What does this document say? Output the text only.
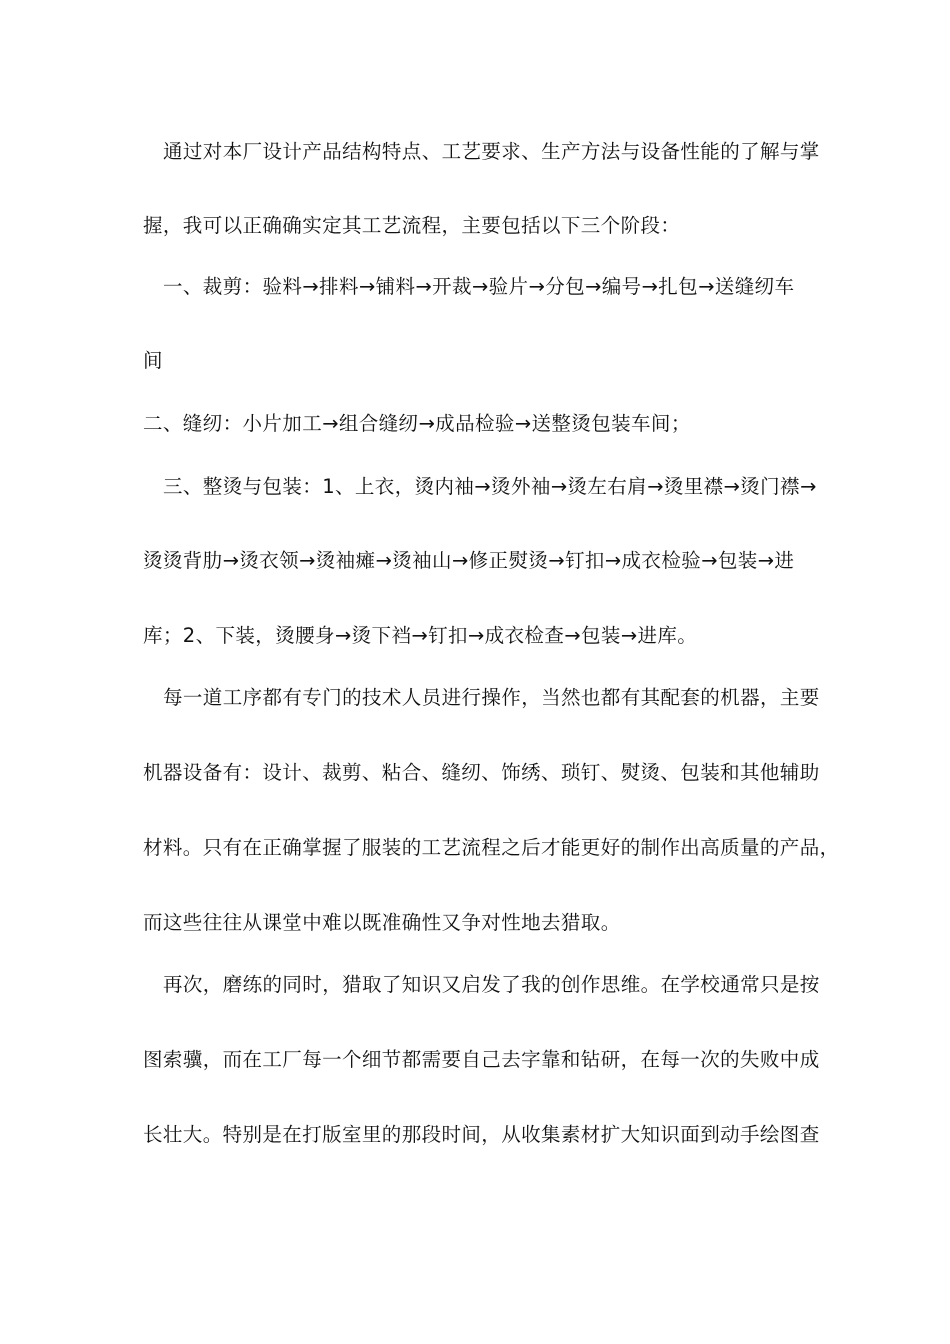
通过对本厂设计产品结构特点、工艺要求、生产方法与设备性能的了解与掌
握，我可以正确确实定其工艺流程，主要包括以下三个阶段：
一、裁剪：验料→排料→铺料→开裁→验片→分包→编号→扎包→送缝纫车
间
二、缝纫：小片加工→组合缝纫→成品检验→送整烫包装车间；
三、整烫与包装：1、上衣，烫内袖→烫外袖→烫左右肩→烫里襟→烫门襟→
烫烫背肋→烫衣领→烫袖瘫→烫袖山→修正熨烫→钉扣→成衣检验→包装→进
库；2、下装，烫腰身→烫下裆→钉扣→成衣检查→包装→进库。
每一道工序都有专门的技术人员进行操作，当然也都有其配套的机器，主要
机器设备有：设计、裁剪、粘合、缝纫、饰绣、琐钉、熨烫、包装和其他辅助
材料。只有在正确掌握了服装的工艺流程之后才能更好的制作出高质量的产品，
而这些往往从课堂中难以既准确性又争对性地去猎取。
再次，磨练的同时，猎取了知识又启发了我的创作思维。在学校通常只是按
图索骥，而在工厂每一个细节都需要自己去字靠和钻研，在每一次的失败中成
长壮大。特别是在打版室里的那段时间，从收集素材扩大知识面到动手绘图查
